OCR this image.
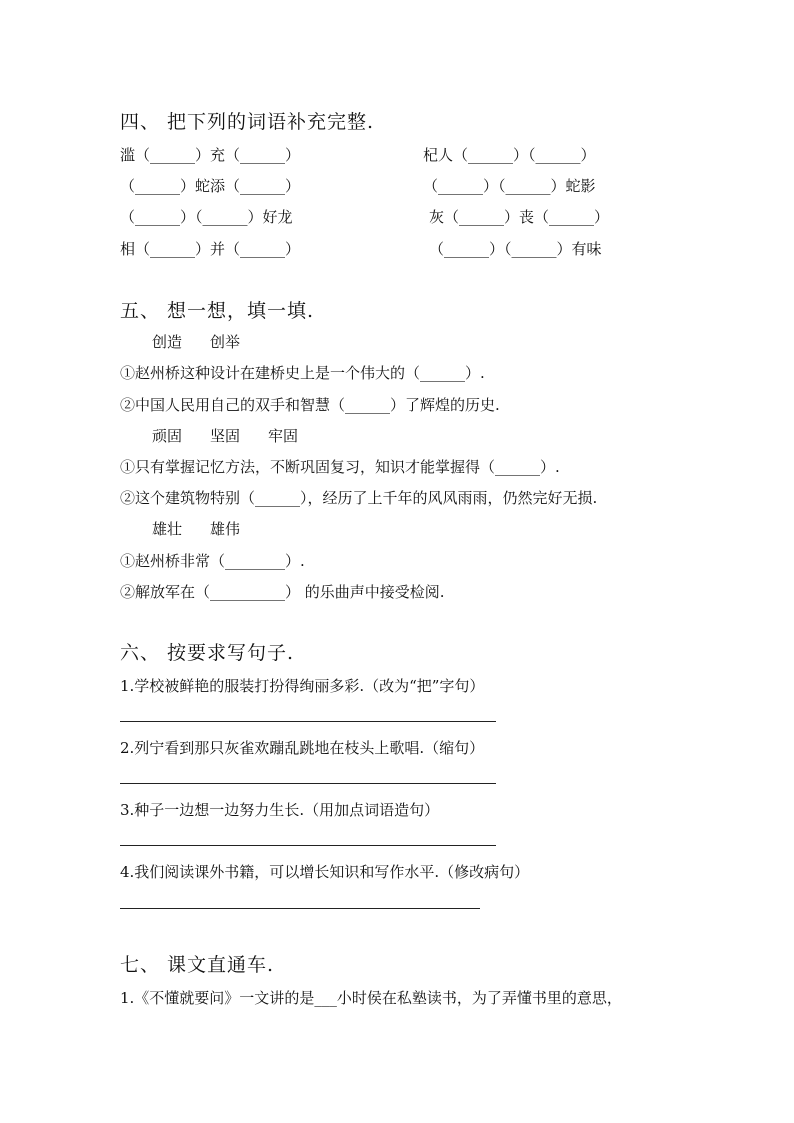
四、 把下列的词语补充完整.
滥（______）充（______）
（______）蛇添（______）
（______）（______）好龙
相（______）并（______）
杞人（______）（______）
（______）（______）蛇影
灰（______）丧（______）
（______）（______）有味
五、 想一想，填一填.
创造 创举
①赵州桥这种设计在建桥史上是一个伟大的（______）.
②中国人民用自己的双手和智慧（______）了辉煌的历史.
顽固 坚固 牢固
①只有掌握记忆方法，不断巩固复习，知识才能掌握得（______）.
②这个建筑物特别（______），经历了上千年的风风雨雨，仍然完好无损.
雄壮 雄伟
①赵州桥非常（________）.
②解放军在（__________） 的乐曲声中接受检阅.
六、 按要求写句子.
1.学校被鲜艳的服装打扮得绚丽多彩.（改为“把”字句）
2.列宁看到那只灰雀欢蹦乱跳地在枝头上歌唱.（缩句）
3.种子一边想一边努力生长.（用加点词语造句）
4.我们阅读课外书籍，可以增长知识和写作水平.（修改病句）
七、 课文直通车.
1.《不懂就要问》一文讲的是___小时侯在私塾读书，为了弄懂书里的意思，
